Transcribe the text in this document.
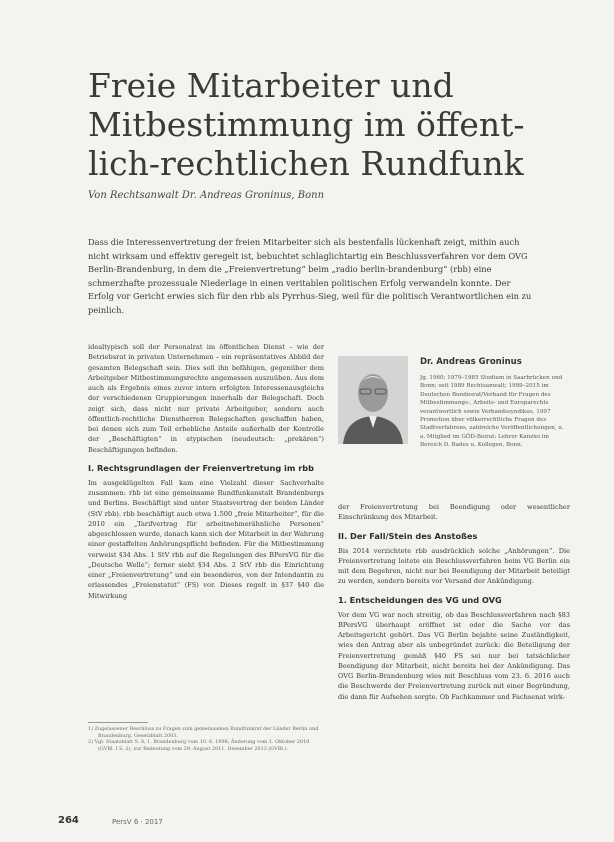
Freie Mitarbeiter und Mitbestimmung im öffent-lich-rechtlichen Rundfunk
Von Rechtsanwalt Dr. Andreas Groninus, Bonn
Dass die Interessenvertretung der freien Mitarbeiter sich als bestenfalls lückenhaft zeigt, mithin auch nicht wirksam und effektiv geregelt ist, bebuchtet schlaglichtartig ein Beschlussverfahren vor dem OVG Berlin-Brandenburg, in dem die „Freienvertretung“ beim „radio berlin-brandenburg“ (rbb) eine schmerzhafte prozessuale Niederlage in einen veritablen politischen Erfolg verwandeln konnte. Der Erfolg vor Gericht erwies sich für den rbb als Pyrrhus-Sieg, weil für die politisch Verantwortlichen ein zu peinlich.

idealtypisch soll der Personalrat im öffentlichen Dienst – wie der Betriebsrat in privaten Unternehmen – ein repräsentatives Abbild der gesamten Belegschaft sein. Dies soll ihn befähigen, gegenüber dem Arbeitgeber Mitbestimmungsrechte angemessen auszuüben. Aus dem auch als Ergebnis eines zuvor intern erfolgten Interessenausgleichs der verschiedenen Gruppierungen innerhalb der Belegschaft. Doch zeigt sich, dass nicht nur private Arbeitgeber, sondern auch öffentlich-rechtliche Dienstherren Belegschaften geschaffen haben, bei denen sich zum Teil erhebliche Anteile außerhalb der Kontrolle der „Beschäftigten“ in atypischen (neudeutsch: „prekären“) Beschäftigungen befinden.

I. Rechtsgrundlagen der Freienvertretung im rbb

Im ausgeklügelten Fall kam eine Vielzahl dieser Sachverhalte zusammen: rbb ist eine gemeinsame Rundfunkanstalt Brandenburgs und Berlins. Beschäftigt sind unter Staatsvertrag der beiden Länder (StV rbb). rbb beschäftigt auch etwa 1.500 „freie Mitarbeiter“, für die 2010 ein „Tarifvertrag für arbeitnehmerähnliche Personen“ abgeschlossen wurde, danach kann sich der Mitarbeit in der Wahrung einer gestaffelten Anhörungspflicht befinden. Für die Mitbestimmung verweist §34 Abs. 1 StV rbb auf die Regelungen des BPersVG für die „Deutsche Welle“; ferner sieht §34 Abs. 2 StV rbb die Einrichtung einer „Freienvertretung“ und ein besonderes, von der Intendantin zu erlassendes „Freienstatut“ (FS) vor. Dieses regelt in §37 §40 die Mitwirkung

Dr. Andreas Groninus
Jg. 1960; 1979–1985 Studium in Saarbrücken und Bonn; seit 1989 Rechtsanwalt; 1989–2015 im Deutschen Bundesrat/Verband für Fragen des Mitbestimmungs-, Arbeits- und Europarechts verantwortlich sowie Verbandssyndikus, 1997 Promotion über völkerrechtliche Fragen des Stadtverfahrens, zahlreiche Veröffentlichungen, u. a. Mitglied im GÖD-Beirat; Lehrer Kanzlei im Bereich D. Bades u. Kollegen, Bonn.

der Freienvertretung bei Beendigung oder wesentlicher Einschränkung des Mitarbeit.

II. Der Fall/Stein des Anstoßes

Bis 2014 verzichtete rbb ausdrücklich solche „Anhörungen“. Die Freienvertretung leitete ein Beschlussverfahren beim VG Berlin ein mit dem Begehren, nicht nur bei Beendigung der Mitarbeit beteiligt zu werden, sondern bereits vor Versand der Ankündigung.

1. Entscheidungen des VG und OVG

Vor dem VG war noch streitig, ob das Beschlussverfahren nach §83 BPersVG überhaupt eröffnet ist oder die Sache vor das Arbeitsgericht gehört. Das VG Berlin bejahte seine Zuständigkeit, wies den Antrag aber als unbegründet zurück: die Beteiligung der Freienvertretung gemäß §40 FS sei nur bei tatsächlicher Beendigung der Mitarbeit, nicht bereits bei der Ankündigung. Das OVG Berlin-Brandenburg wies mit Beschluss vom 23. 6. 2016 auch die Beschwerde der Freienvertretung zurück mit einer Begründung, die dann für Aufsehen sorgte. Ob Fachkammer und Fachsenat wirk-

1) Zugelassener Beschluss zu Fragen zum gemeinsamen Rundfunkrat der Länder Berlin und Brandenburg. Gesetzblatt 2003.
2) Vgl. Staatsblatt S. 8, 1. Brandenburg vom 10. 6. 1998; Änderung vom 1. Oktober 2010 (GVBl. I S. 2), zur Bedeutung vom 29. August 2011, Dezember 2013 (GVBl.).
264	PersV 6 · 2017
